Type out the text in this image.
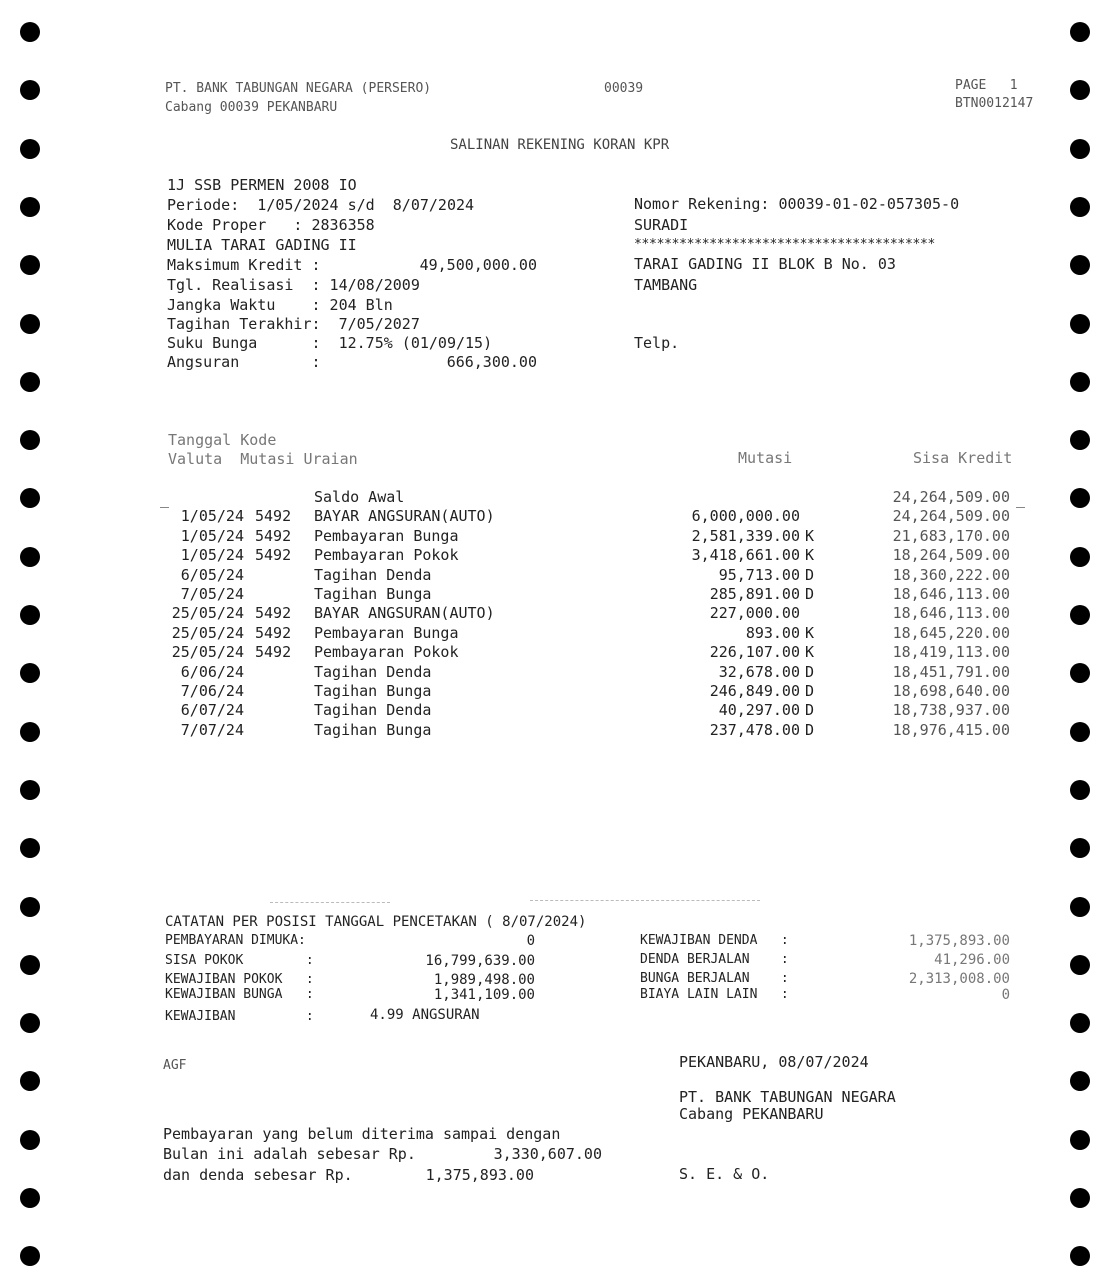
PT. BANK TABUNGAN NEGARA (PERSERO)
Cabang 00039 PEKANBARU
00039	PAGE   1
BTN0012147
SALINAN REKENING KORAN KPR
1J SSB PERMEN 2008 IO
Periode:  1/05/2024 s/d  8/07/2024
Kode Proper   : 2836358
MULIA TARAI GADING II
Maksimum Kredit :	49,500,000.00
Tgl. Realisasi  : 14/08/2009
Jangka Waktu    : 204 Bln
Tagihan Terakhir:  7/05/2027
Suku Bunga      :  12.75% (01/09/15)
Angsuran        :	666,300.00
Nomor Rekening: 00039-01-02-057305-0
SURADI
****************************************
TARAI GADING II BLOK B No. 03
TAMBANG
Telp.
Tanggal Kode
Valuta  Mutasi Uraian	Mutasi	Sisa Kredit
_	_
Saldo Awal	24,264,509.00
1/05/24 5492 BAYAR ANGSURAN(AUTO)	6,000,000.00	24,264,509.00
1/05/24 5492 Pembayaran Bunga	2,581,339.00 K	21,683,170.00
1/05/24 5492 Pembayaran Pokok	3,418,661.00 K	18,264,509.00
6/05/24	Tagihan Denda	95,713.00 D	18,360,222.00
7/05/24	Tagihan Bunga	285,891.00 D	18,646,113.00
25/05/24 5492 BAYAR ANGSURAN(AUTO)	227,000.00	18,646,113.00
25/05/24 5492 Pembayaran Bunga	893.00 K	18,645,220.00
25/05/24 5492 Pembayaran Pokok	226,107.00 K	18,419,113.00
6/06/24	Tagihan Denda	32,678.00 D	18,451,791.00
7/06/24	Tagihan Bunga	246,849.00 D	18,698,640.00
6/07/24	Tagihan Denda	40,297.00 D	18,738,937.00
7/07/24	Tagihan Bunga	237,478.00 D	18,976,415.00
CATATAN PER POSISI TANGGAL PENCETAKAN ( 8/07/2024)
PEMBAYARAN DIMUKA:	0
SISA POKOK        :	16,799,639.00
KEWAJIBAN POKOK   :	1,989,498.00
KEWAJIBAN BUNGA   :	1,341,109.00
KEWAJIBAN DENDA   :	1,375,893.00
DENDA BERJALAN    :	41,296.00
BUNGA BERJALAN    :	2,313,008.00
BIAYA LAIN LAIN   :	0
KEWAJIBAN         :	4.99 ANGSURAN
AGF	PEKANBARU, 08/07/2024
PT. BANK TABUNGAN NEGARA
Cabang PEKANBARU
Pembayaran yang belum diterima sampai dengan
Bulan ini adalah sebesar Rp.	3,330,607.00
dan denda sebesar Rp.	1,375,893.00	S. E. & O.
